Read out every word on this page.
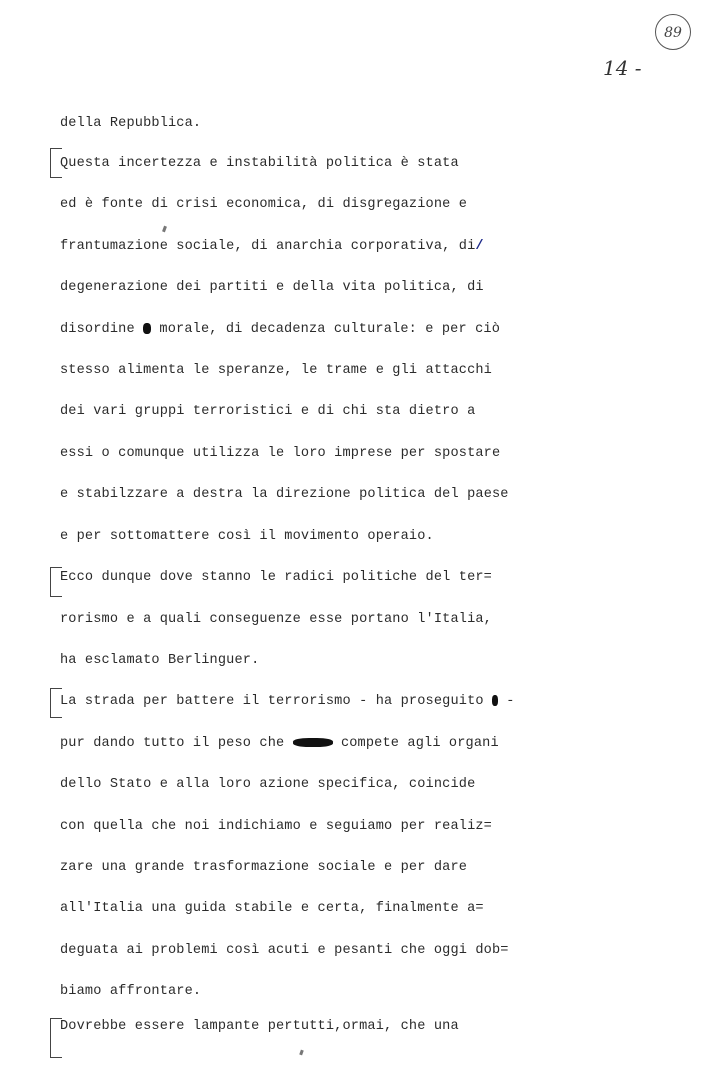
89
14 -
della Repubblica.
Questa incertezza e instabilità politica è stata
ed è fonte di crisi economica, di disgregazione e
frantumazione sociale, di anarchia corporativa, di/
degenerazione dei partiti e della vita politica, di
disordine morale, di decadenza culturale: e per ciò
stesso alimenta le speranze, le trame e gli attacchi
dei vari gruppi terroristici e di chi sta dietro a
essi o comunque utilizza le loro imprese per spostare
e stabilzzare a destra la direzione politica del paese
e per sottomattere così il movimento operaio.
Ecco dunque dove stanno le radici politiche del ter=
rorismo e a quali conseguenze esse portano l'Italia,
ha esclamato Berlinguer.
La strada per battere il terrorismo - ha proseguito  -
pur dando tutto il peso che	compete agli organi
dello Stato e alla loro azione specifica, coincide
con quella che noi indichiamo e seguiamo per realiz=
zare una grande trasformazione sociale e per dare
all'Italia una guida stabile e certa, finalmente a=
deguata ai problemi così acuti e pesanti che oggi dob=
biamo affrontare.
Dovrebbe essere lampante pertutti,ormai, che una
